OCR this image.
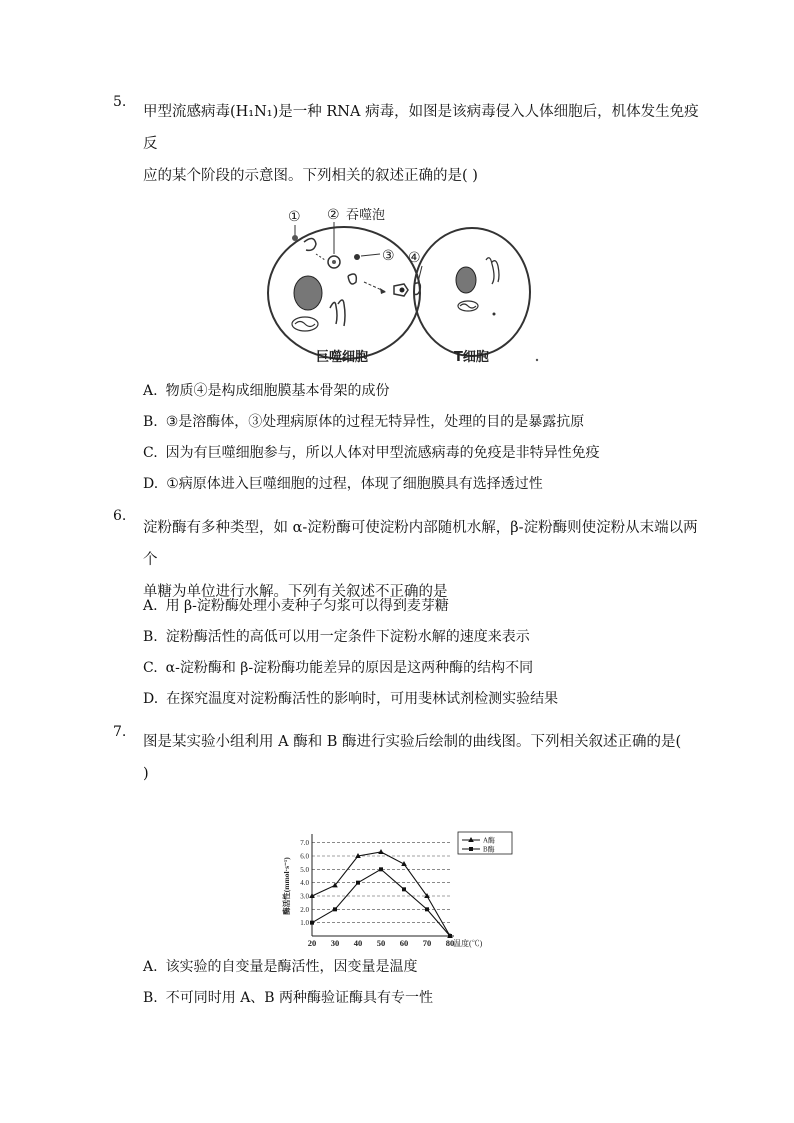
5.
甲型流感病毒(H₁N₁)是一种 RNA 病毒，如图是该病毒侵入人体细胞后，机体发生免疫反
应的某个阶段的示意图。下列相关的叙述正确的是( )
① ② 吞噬泡
③ ④
巨噬细胞	T细胞
A. 物质④是构成细胞膜基本骨架的成份
B. ③是溶酶体，③处理病原体的过程无特异性，处理的目的是暴露抗原
C. 因为有巨噬细胞参与，所以人体对甲型流感病毒的免疫是非特异性免疫
D. ①病原体进入巨噬细胞的过程，体现了细胞膜具有选择透过性
6.
淀粉酶有多种类型，如 α-淀粉酶可使淀粉内部随机水解，β-淀粉酶则使淀粉从末端以两个
单糖为单位进行水解。下列有关叙述不正确的是
A. 用 β-淀粉酶处理小麦种子匀浆可以得到麦芽糖
B. 淀粉酶活性的高低可以用一定条件下淀粉水解的速度来表示
C. α-淀粉酶和 β-淀粉酶功能差异的原因是这两种酶的结构不同
D. 在探究温度对淀粉酶活性的影响时，可用斐林试剂检测实验结果
7.
图是某实验小组利用 A 酶和 B 酶进行实验后绘制的曲线图。下列相关叙述正确的是(　 )
1.0
2.0
3.0
4.0
5.0
6.0
7.0
20 30 40 50 60 70 80
温度(℃)
酶活性(mmol·s⁻¹)
A酶
B酶
A. 该实验的自变量是酶活性，因变量是温度
B. 不可同时用 A、B 两种酶验证酶具有专一性
